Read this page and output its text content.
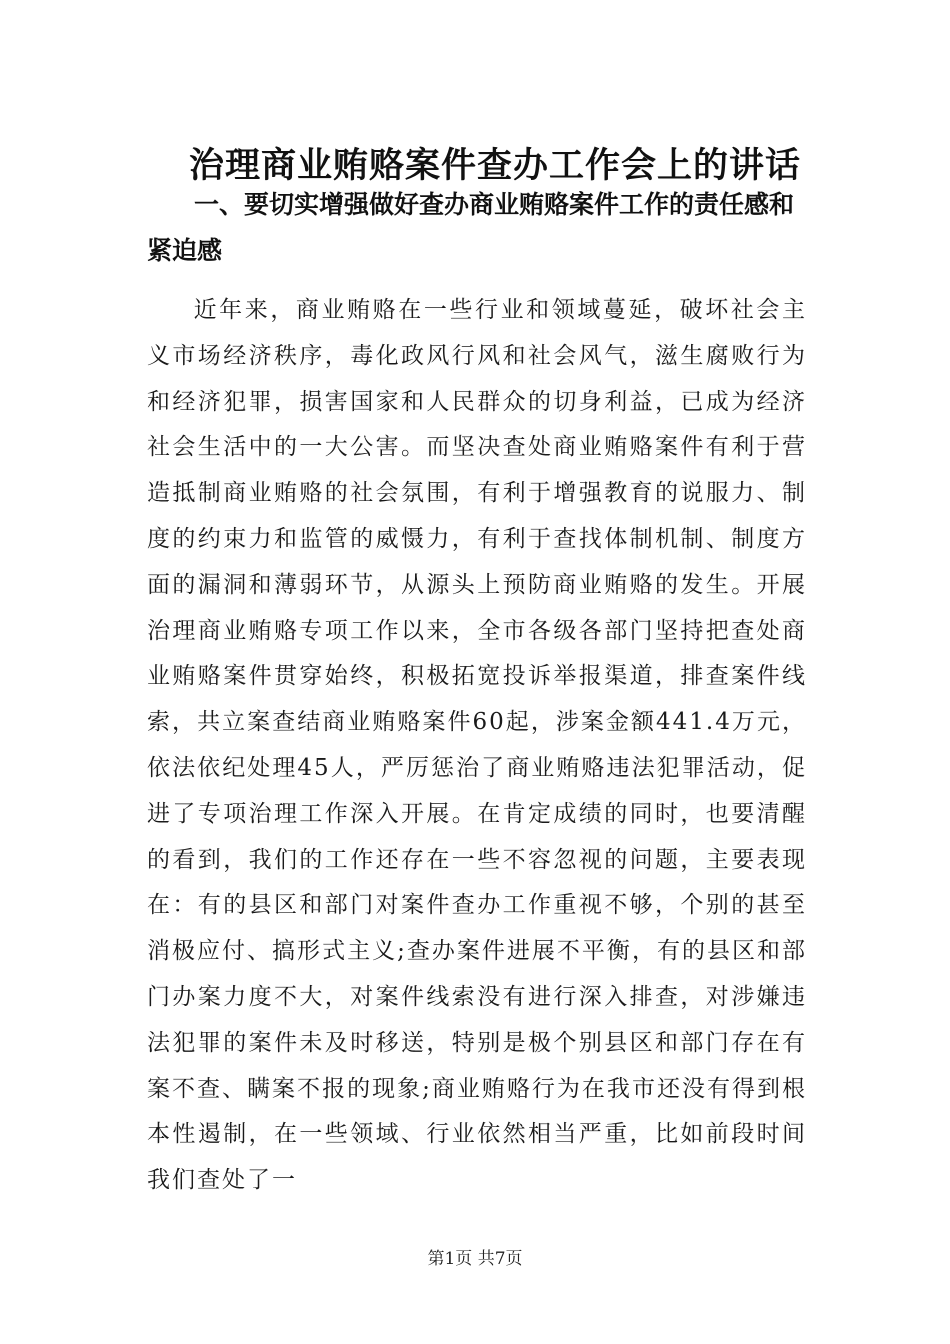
治理商业贿赂案件查办工作会上的讲话

一、要切实增强做好查办商业贿赂案件工作的责任感和紧迫感

近年来，商业贿赂在一些行业和领域蔓延，破坏社会主义市场经济秩序，毒化政风行风和社会风气，滋生腐败行为和经济犯罪，损害国家和人民群众的切身利益，已成为经济社会生活中的一大公害。而坚决查处商业贿赂案件有利于营造抵制商业贿赂的社会氛围，有利于增强教育的说服力、制度的约束力和监管的威慑力，有利于查找体制机制、制度方面的漏洞和薄弱环节，从源头上预防商业贿赂的发生。开展治理商业贿赂专项工作以来，全市各级各部门坚持把查处商业贿赂案件贯穿始终，积极拓宽投诉举报渠道，排查案件线索，共立案查结商业贿赂案件60起，涉案金额441.4万元，依法依纪处理45人，严厉惩治了商业贿赂违法犯罪活动，促进了专项治理工作深入开展。在肯定成绩的同时，也要清醒的看到，我们的工作还存在一些不容忽视的问题，主要表现在：有的县区和部门对案件查办工作重视不够，个别的甚至消极应付、搞形式主义;查办案件进展不平衡，有的县区和部门办案力度不大，对案件线索没有进行深入排查，对涉嫌违法犯罪的案件未及时移送，特别是极个别县区和部门存在有案不查、瞒案不报的现象;商业贿赂行为在我市还没有得到根本性遏制，在一些领域、行业依然相当严重，比如前段时间我们查处了一

第1页 共7页
